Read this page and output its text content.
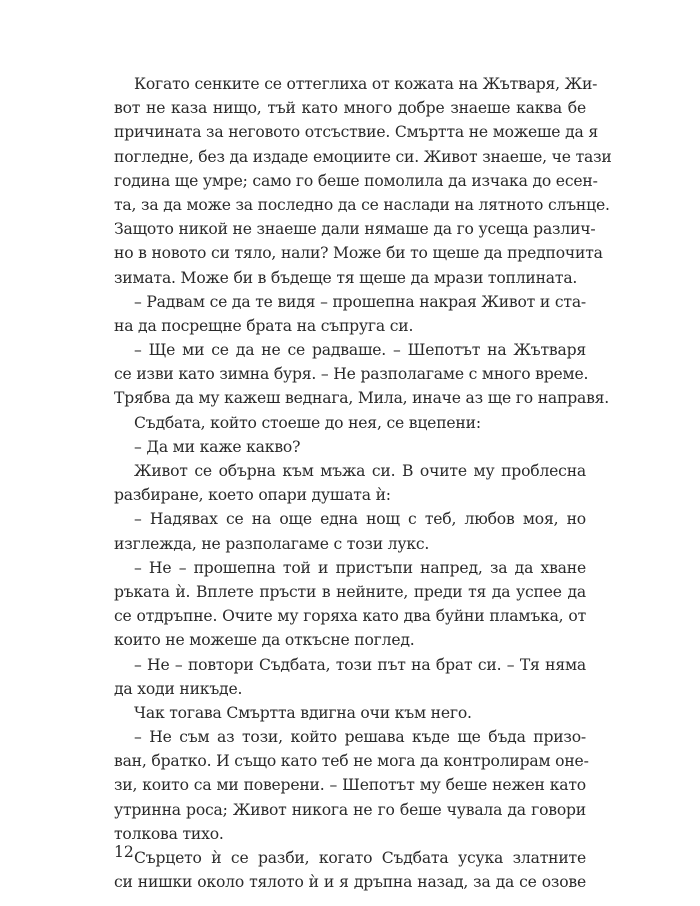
Когато сенките се оттеглиха от кожата на Жътваря, Жи-
вот не каза нищо, тъй като много добре знаеше каква бе
причината за неговото отсъствие. Смъртта не можеше да я
погледне, без да издаде емоциите си. Живот знаеше, че тази
година ще умре; само го беше помолила да изчака до есен-
та, за да може за последно да се наслади на лятното слънце.
Защото никой не знаеше дали нямаше да го усеща различ-
но в новото си тяло, нали? Може би то щеше да предпочита
зимата. Може би в бъдеще тя щеше да мрази топлината.
– Радвам се да те видя – прошепна накрая Живот и ста-
на да посрещне брата на съпруга си.
– Ще ми се да не се радваше. – Шепотът на Жътваря
се изви като зимна буря. – Не разполагаме с много време.
Трябва да му кажеш веднага, Мила, иначе аз ще го направя.
Съдбата, който стоеше до нея, се вцепени:
– Да ми каже какво?
Живот се обърна към мъжа си. В очите му проблесна
разбиране, което опари душата ѝ:
– Надявах се на още една нощ с теб, любов моя, но
изглежда, не разполагаме с този лукс.
– Не – прошепна той и пристъпи напред, за да хване
ръката ѝ. Вплете пръсти в нейните, преди тя да успее да
се отдръпне. Очите му горяха като два буйни пламъка, от
които не можеше да откъсне поглед.
– Не – повтори Съдбата, този път на брат си. – Тя няма
да ходи никъде.
Чак тогава Смъртта вдигна очи към него.
– Не съм аз този, който решава къде ще бъда призо-
ван, братко. И също като теб не мога да контролирам оне-
зи, които са ми поверени. – Шепотът му беше нежен като
утринна роса; Живот никога не го беше чувала да говори
толкова тихо.
Сърцето ѝ се разби, когато Съдбата усука златните
си нишки около тялото ѝ и я дръпна назад, за да се озове
12
